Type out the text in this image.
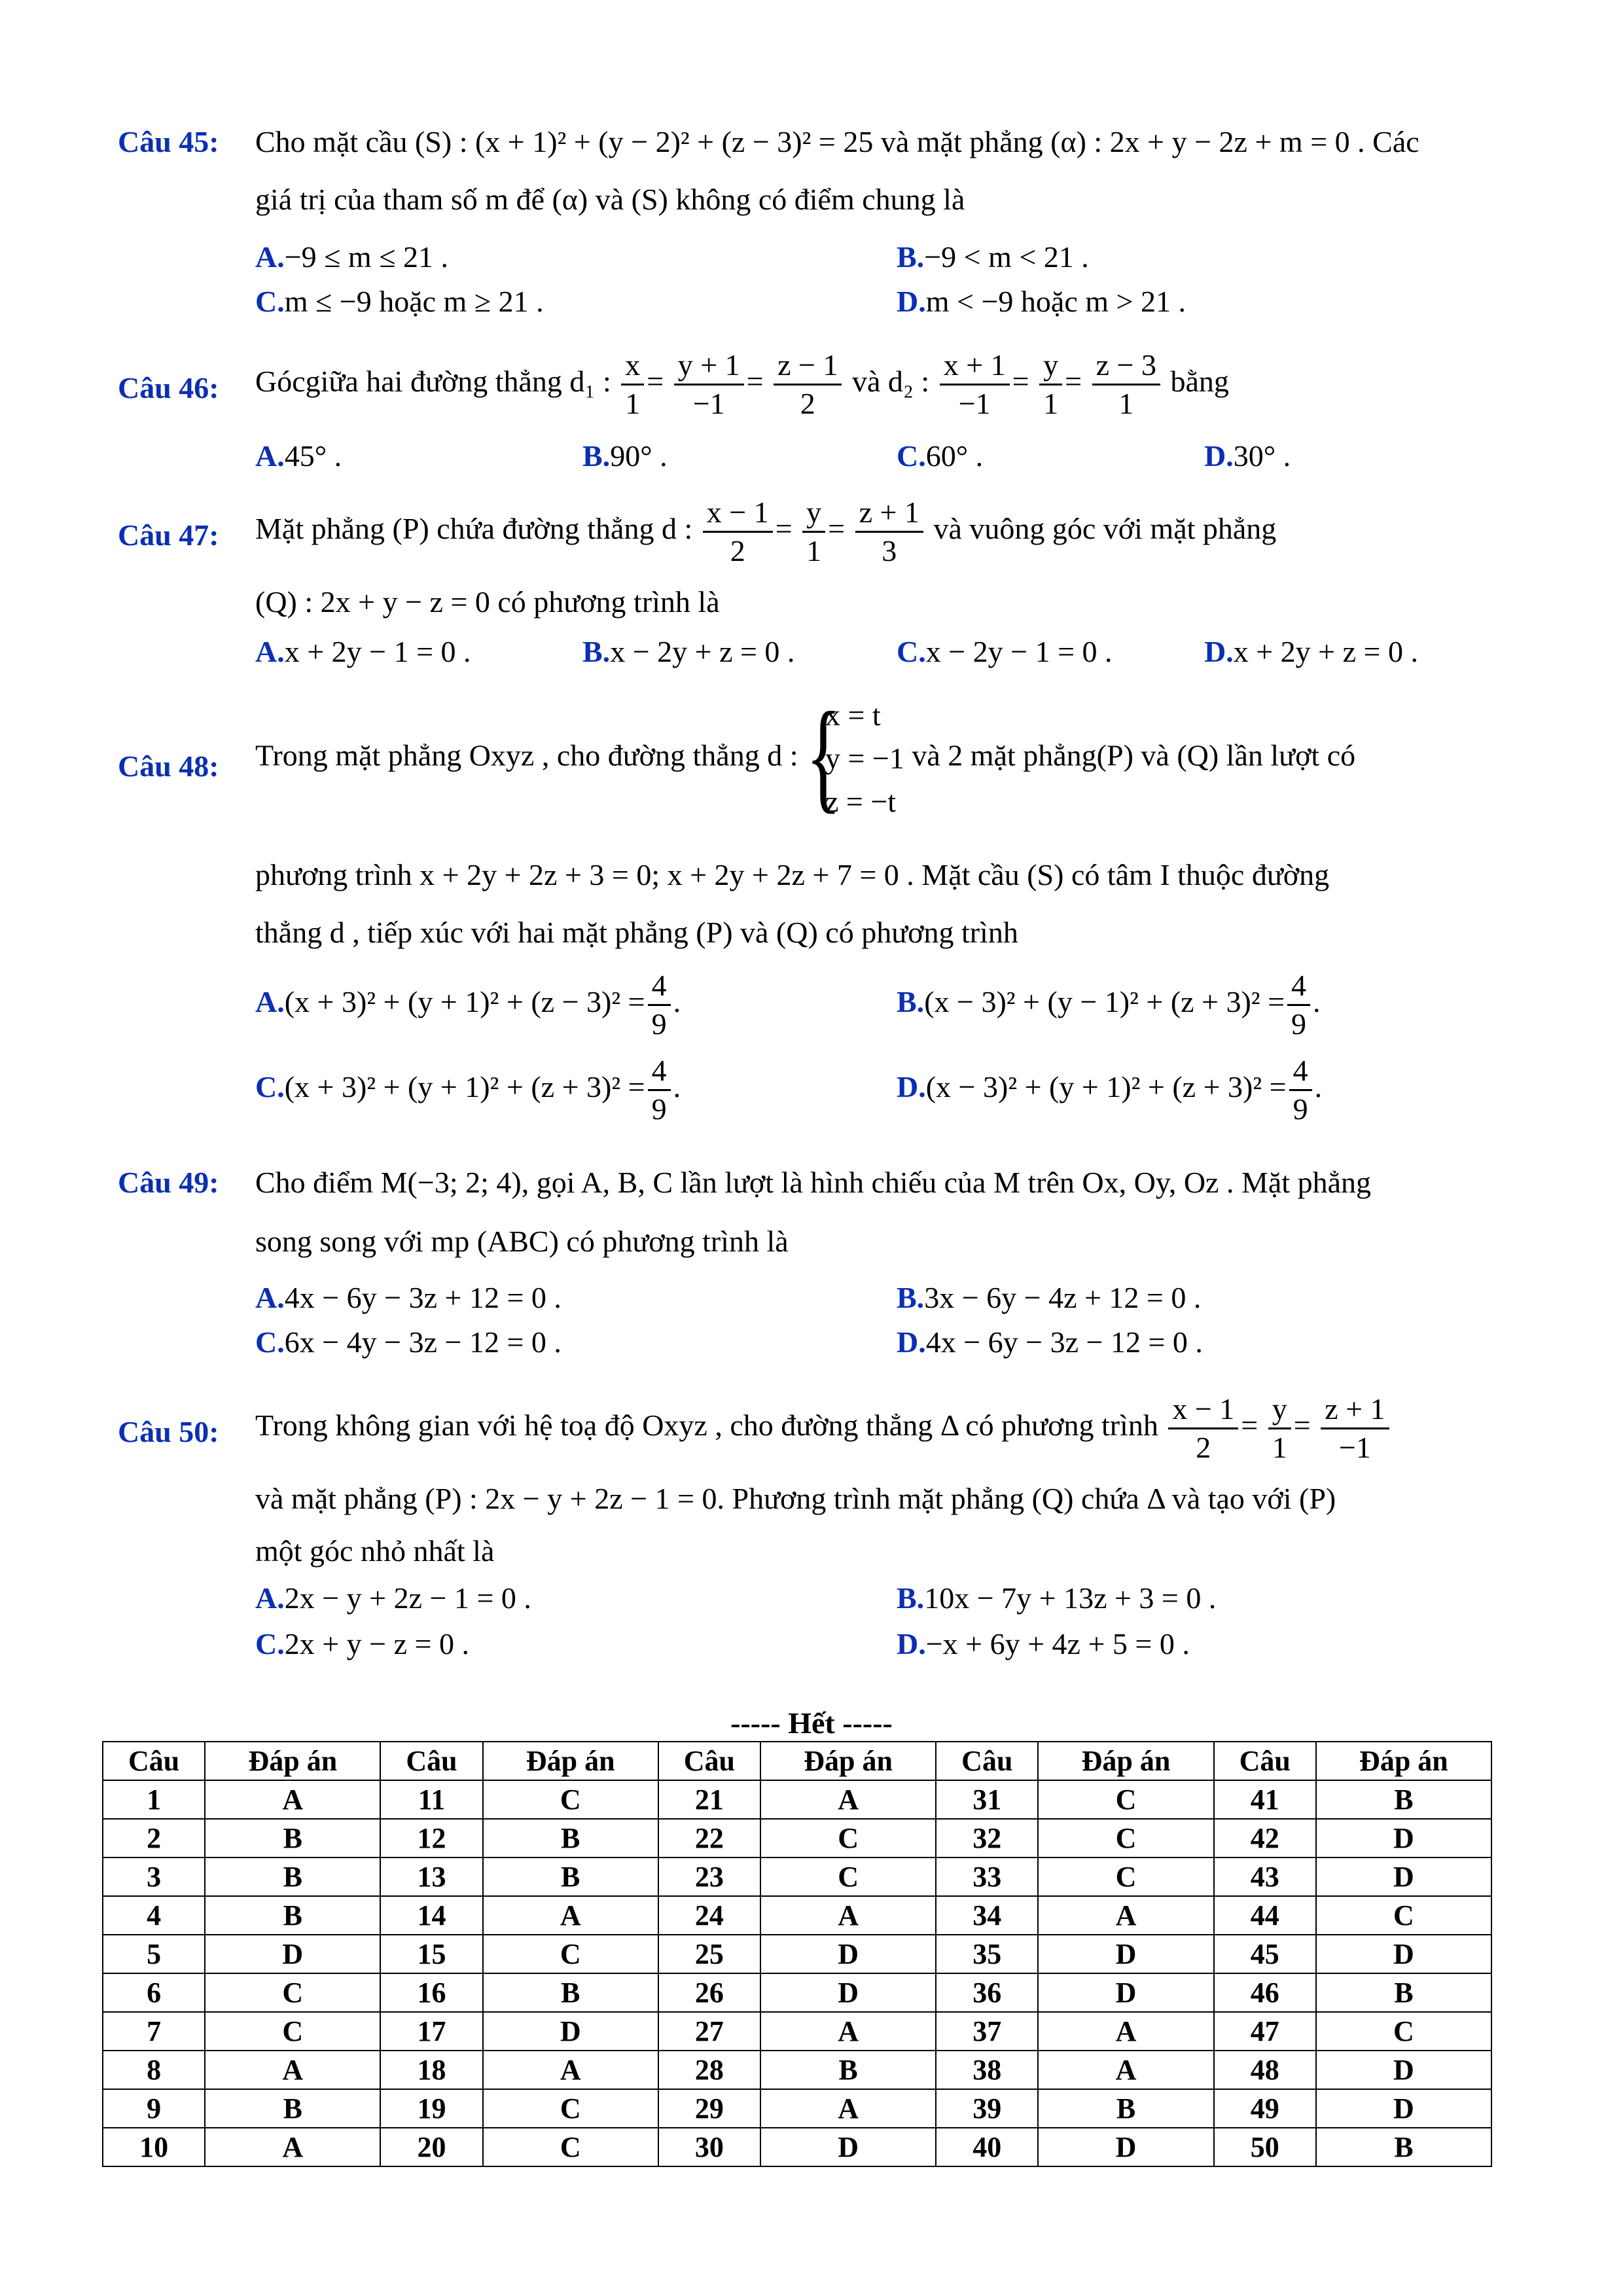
Câu 45: Cho mặt cầu (S) : (x + 1)² + (y − 2)² + (z − 3)² = 25 và mặt phẳng (α) : 2x + y − 2z + m = 0 . Các
giá trị của tham số m để (α) và (S) không có điểm chung là
A.−9 ≤ m ≤ 21 .	B.−9 < m < 21 .
C.m ≤ −9 hoặc m ≥ 21 .	D.m < −9 hoặc m > 21 .
Câu 46: Gócgiữa hai đường thẳng d₁ : $\frac{x}{1} = \frac{y + 1}{-1} = \frac{z - 1}{2}$ và d₂ : $\frac{x + 1}{-1} = \frac{y}{1} = \frac{z - 3}{1}$ bằng
A.45° .	B.90° .	C.60° .	D.30° .
Câu 47: Mặt phẳng (P) chứa đường thẳng d : $\frac{x - 1}{2} = \frac{y}{1} = \frac{z + 1}{3}$ và vuông góc với mặt phẳng
(Q) : 2x + y − z = 0 có phương trình là
A.x + 2y − 1 = 0 .	B.x − 2y + z = 0 .	C.x − 2y − 1 = 0 .	D.x + 2y + z = 0 .
Câu 48: Trong mặt phẳng Oxyz , cho đường thẳng d : {
x = t
y = −1
z = −t
và 2 mặt phẳng(P) và (Q) lần lượt có
phương trình x + 2y + 2z + 3 = 0; x + 2y + 2z + 7 = 0 . Mặt cầu (S) có tâm I thuộc đường
thẳng d , tiếp xúc với hai mặt phẳng (P) và (Q) có phương trình
$A.(x + 3)^2 + (y + 1)^2 + (z - 3)^2 = \frac{4}{9}$ .	$B.(x - 3)^2 + (y - 1)^2 + (z + 3)^2 = \frac{4}{9}$ .
$C.(x + 3)^2 + (y + 1)^2 + (z + 3)^2 = \frac{4}{9}$ .	$D.(x - 3)^2 + (y + 1)^2 + (z + 3)^2 = \frac{4}{9}$ .
Câu 49: Cho điểm M(−3; 2; 4), gọi A, B, C lần lượt là hình chiếu của M trên Ox, Oy, Oz . Mặt phẳng
song song với mp (ABC) có phương trình là
A.4x − 6y − 3z + 12 = 0 .	B.3x − 6y − 4z + 12 = 0 .
C.6x − 4y − 3z − 12 = 0 .	D.4x − 6y − 3z − 12 = 0 .
Câu 50: Trong không gian với hệ toạ độ Oxyz , cho đường thẳng Δ có phương trình $\frac{x - 1}{2} = \frac{y}{1} = \frac{z + 1}{-1}$
và mặt phẳng (P) : 2x − y + 2z − 1 = 0. Phương trình mặt phẳng (Q) chứa Δ và tạo với (P)
một góc nhỏ nhất là
A.2x − y + 2z − 1 = 0 .	B.10x − 7y + 13z + 3 = 0 .
C.2x + y − z = 0 .	D.−x + 6y + 4z + 5 = 0 .
----- Hết -----
Câu	Đáp án	Câu	Đáp án	Câu	Đáp án	Câu	Đáp án	Câu	Đáp án
1	A	11	C	21	A	31	C	41	B
2	B	12	B	22	C	32	C	42	D
3	B	13	B	23	C	33	C	43	D
4	B	14	A	24	A	34	A	44	C
5	D	15	C	25	D	35	D	45	D
6	C	16	B	26	D	36	D	46	B
7	C	17	D	27	A	37	A	47	C
8	A	18	A	28	B	38	A	48	D
9	B	19	C	29	A	39	B	49	D
10	A	20	C	30	D	40	D	50	B
